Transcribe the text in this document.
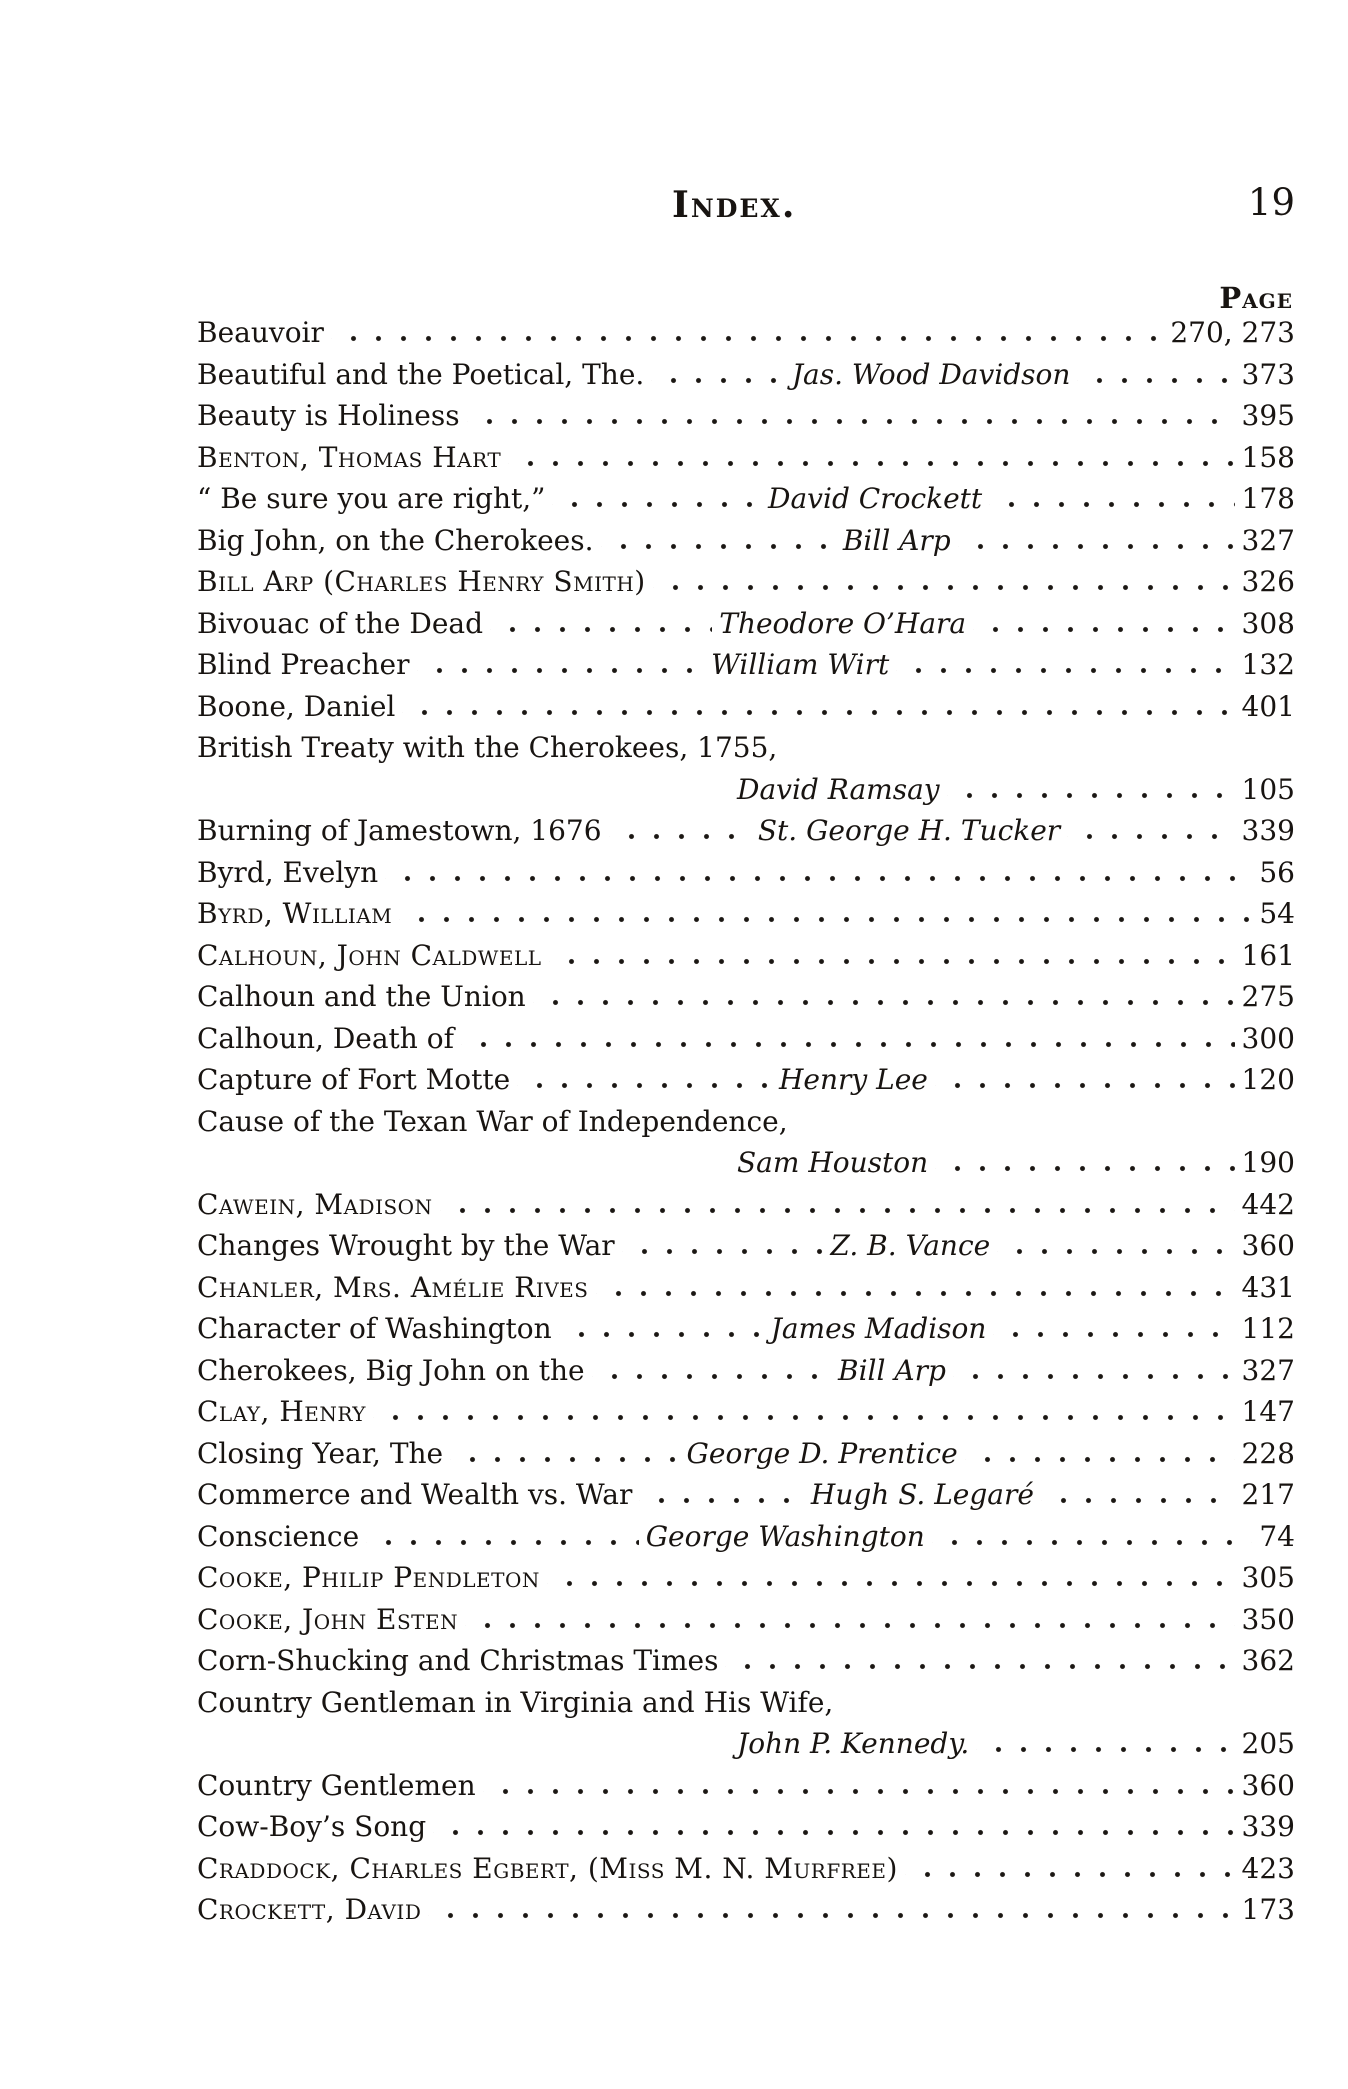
Index.	19
Page
Beauvoir	270, 273
Beautiful and the Poetical, The.	Jas. Wood Davidson	373
Beauty is Holiness	395
Benton, Thomas Hart	158
“ Be sure you are right,”	David Crockett	178
Big John, on the Cherokees.	Bill Arp	327
Bill Arp (Charles Henry Smith)	326
Bivouac of the Dead	Theodore O’Hara	308
Blind Preacher	William Wirt	132
Boone, Daniel	401
British Treaty with the Cherokees, 1755,
David Ramsay	105
Burning of Jamestown, 1676	St. George H. Tucker	339
Byrd, Evelyn	56
Byrd, William	54
Calhoun, John Caldwell	161
Calhoun and the Union	275
Calhoun, Death of	300
Capture of Fort Motte	Henry Lee	120
Cause of the Texan War of Independence,
Sam Houston	190
Cawein, Madison	442
Changes Wrought by the War	Z. B. Vance	360
Chanler, Mrs. Amélie Rives	431
Character of Washington	James Madison	112
Cherokees, Big John on the	Bill Arp	327
Clay, Henry	147
Closing Year, The	George D. Prentice	228
Commerce and Wealth vs. War	Hugh S. Legaré	217
Conscience	George Washington	74
Cooke, Philip Pendleton	305
Cooke, John Esten	350
Corn-Shucking and Christmas Times	362
Country Gentleman in Virginia and His Wife,
John P. Kennedy.	205
Country Gentlemen	360
Cow-Boy’s Song	339
Craddock, Charles Egbert, (Miss M. N. Murfree)	423
Crockett, David	173
